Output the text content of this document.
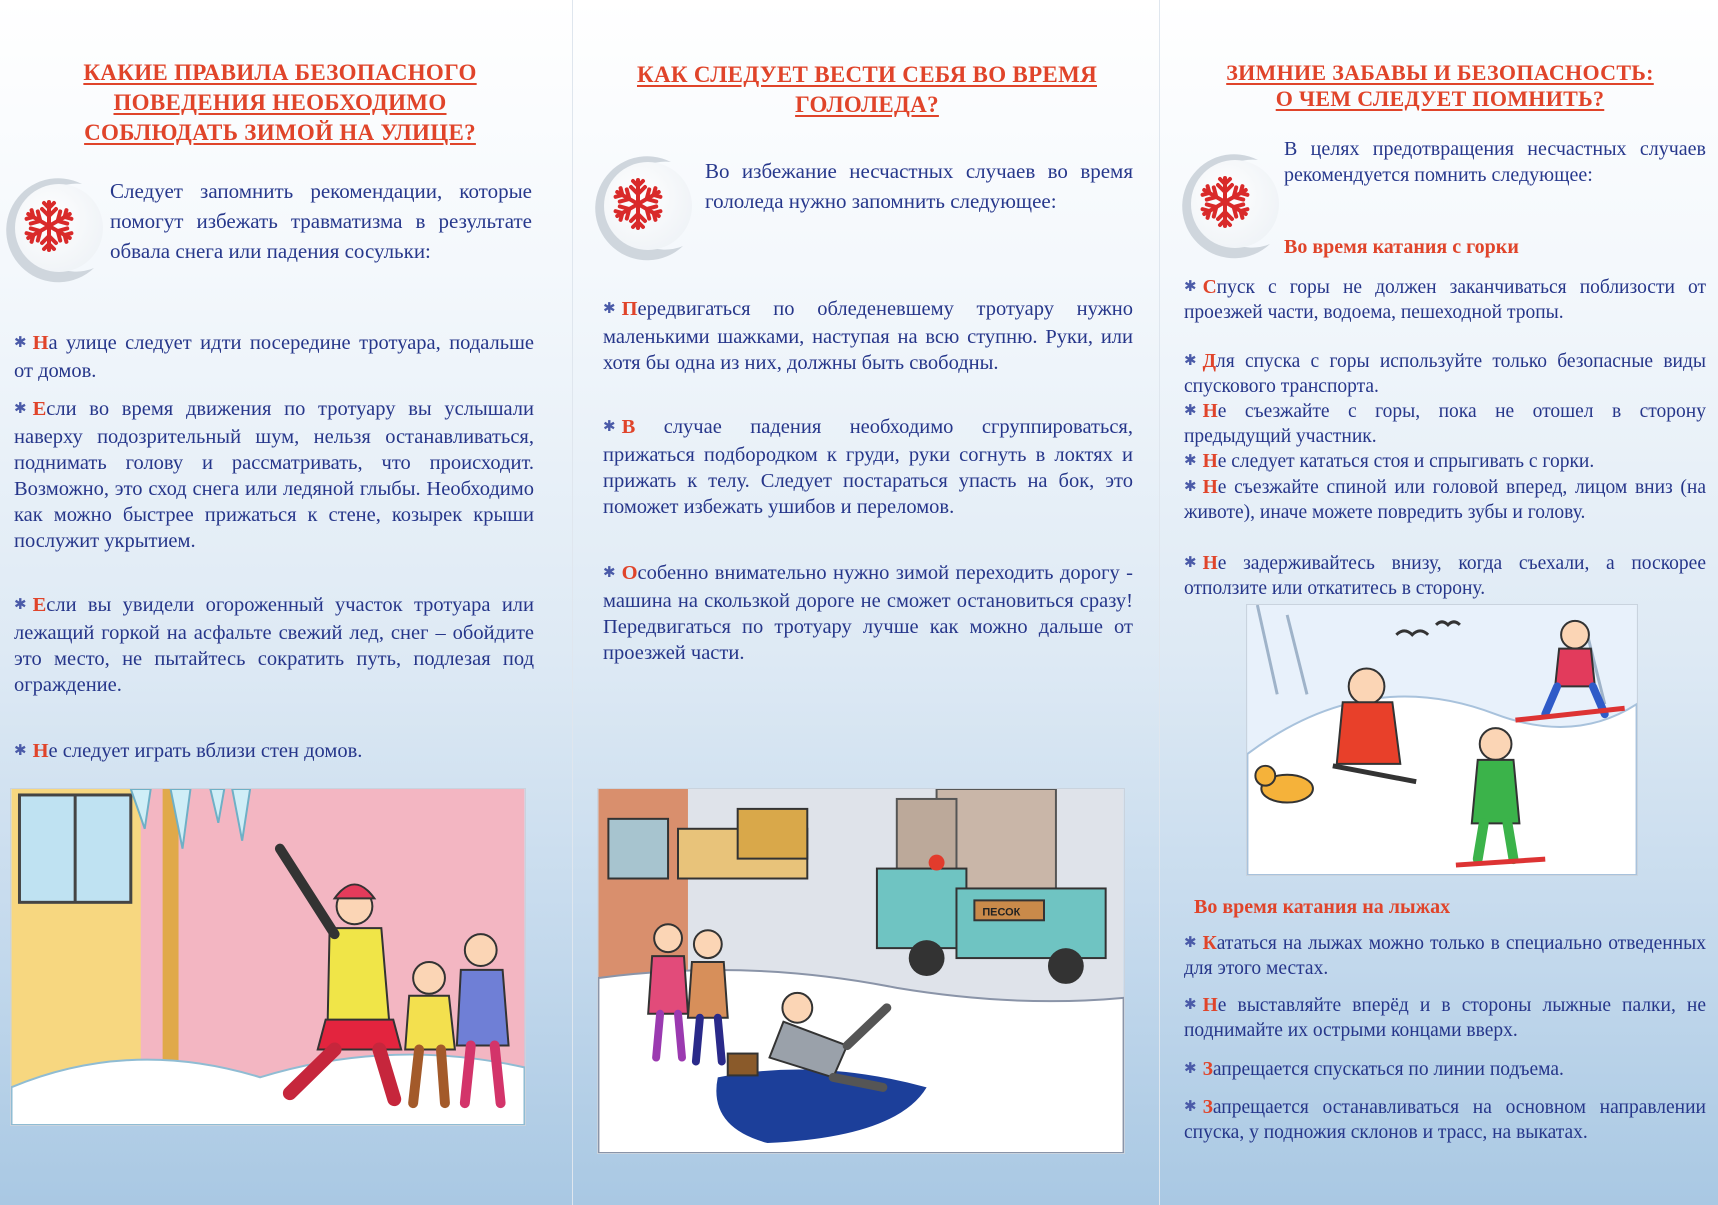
КАКИЕ ПРАВИЛА БЕЗОПАСНОГО
ПОВЕДЕНИЯ НЕОБХОДИМО
СОБЛЮДАТЬ ЗИМОЙ НА УЛИЦЕ?

Следует запомнить рекомендации, которые помогут избежать травматизма в результате обвала снега или падения сосульки:

✱ На улице следует идти посередине тротуара, подальше от домов.

✱ Если во время движения по тротуару вы услышали наверху подозрительный шум, нельзя останавливаться, поднимать голову и рассматривать, что происходит. Возможно, это сход снега или ледяной глыбы. Необходимо как можно быстрее прижаться к стене, козырек крыши послужит укрытием.

✱ Если вы увидели огороженный участок тротуара или лежащий горкой на асфальте свежий лед, снег – обойдите это место, не пытайтесь сократить путь, подлезая под ограждение.

✱ Не следует играть вблизи стен домов.

КАК СЛЕДУЕТ ВЕСТИ СЕБЯ ВО ВРЕМЯ
ГОЛОЛЕДА?

Во избежание несчастных случаев во время гололеда нужно запомнить следующее:

✱ Передвигаться по обледеневшему тротуару нужно маленькими шажками, наступая на всю ступню. Руки, или хотя бы одна из них, должны быть свободны.

✱ В случае падения необходимо сгруппироваться, прижаться подбородком к груди, руки согнуть в локтях и прижать к телу. Следует постараться упасть на бок, это поможет избежать ушибов и переломов.

✱ Особенно внимательно нужно зимой переходить дорогу - машина на скользкой дороге не сможет остановиться сразу! Передвигаться по тротуару лучше как можно дальше от проезжей части.

ПЕСОК
ЗИМНИЕ ЗАБАВЫ И БЕЗОПАСНОСТЬ:
О ЧЕМ СЛЕДУЕТ ПОМНИТЬ?

В целях предотвращения несчастных случаев рекомендуется помнить следующее:

Во время катания с горки

✱ Спуск с горы не должен заканчиваться поблизости от проезжей части, водоема, пешеходной тропы.

✱ Для спуска с горы используйте только безопасные виды спускового транспорта.

✱ Не съезжайте с горы, пока не отошел в сторону предыдущий участник.

✱ Не следует кататься стоя и спрыгивать с горки.

✱ Не съезжайте спиной или головой вперед, лицом вниз (на животе), иначе можете повредить зубы и голову.

✱ Не задерживайтесь внизу, когда съехали, а поскорее отползите или откатитесь в сторону.

Во время катания на лыжах

✱ Кататься на лыжах можно только в специально отведенных для этого местах.

✱ Не выставляйте вперёд и в стороны лыжные палки, не поднимайте их острыми концами вверх.

✱ Запрещается спускаться по линии подъема.

✱ Запрещается останавливаться на основном направлении спуска, у подножия склонов и трасс, на выкатах.
